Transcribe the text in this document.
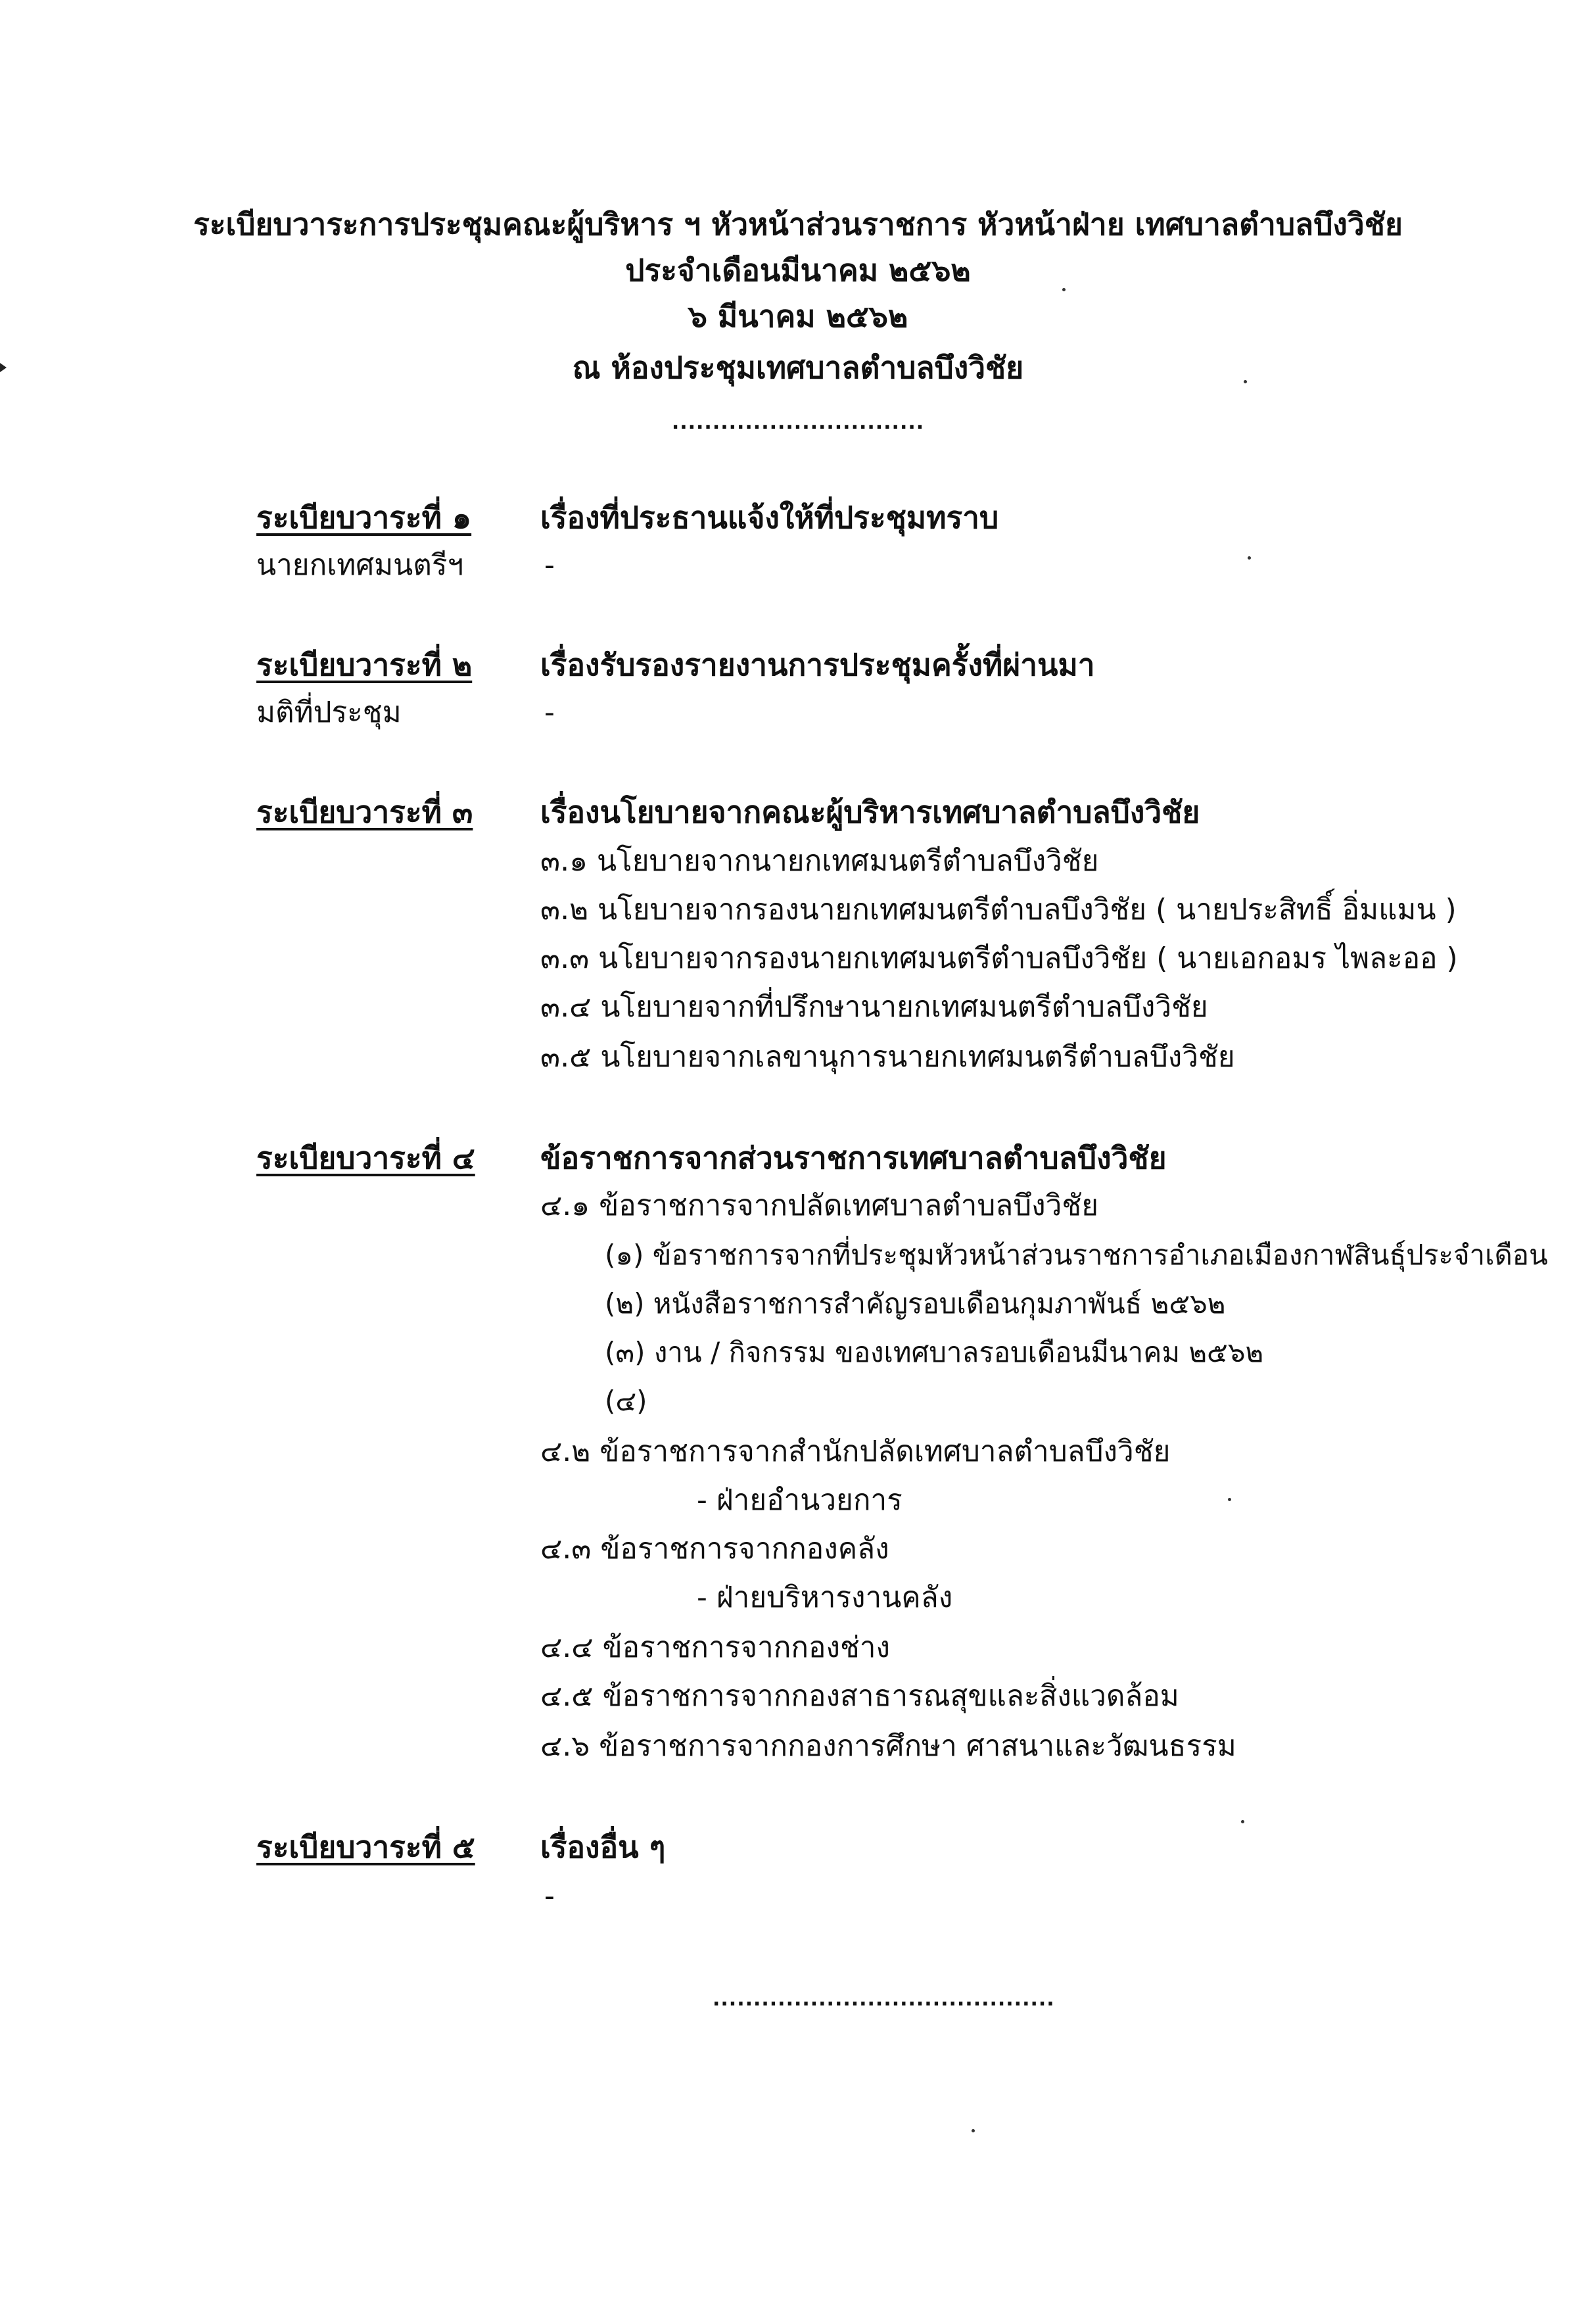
ระเบียบวาระการประชุมคณะผู้บริหาร ฯ หัวหน้าส่วนราชการ หัวหน้าฝ่าย เทศบาลตำบลบึงวิชัย
ประจำเดือนมีนาคม ๒๕๖๒
๖ มีนาคม ๒๕๖๒
ณ ห้องประชุมเทศบาลตำบลบึงวิชัย
...............................
ระเบียบวาระที่ ๑ เรื่องที่ประธานแจ้งให้ที่ประชุมทราบ
นายกเทศมนตรีฯ	-
ระเบียบวาระที่ ๒ เรื่องรับรองรายงานการประชุมครั้งที่ผ่านมา
มติที่ประชุม	-
ระเบียบวาระที่ ๓ เรื่องนโยบายจากคณะผู้บริหารเทศบาลตำบลบึงวิชัย
๓.๑ นโยบายจากนายกเทศมนตรีตำบลบึงวิชัย
๓.๒ นโยบายจากรองนายกเทศมนตรีตำบลบึงวิชัย ( นายประสิทธิ์ อิ่มแมน )
๓.๓ นโยบายจากรองนายกเทศมนตรีตำบลบึงวิชัย ( นายเอกอมร ไพละออ )
๓.๔ นโยบายจากที่ปรึกษานายกเทศมนตรีตำบลบึงวิชัย
๓.๕ นโยบายจากเลขานุการนายกเทศมนตรีตำบลบึงวิชัย
ระเบียบวาระที่ ๔ ข้อราชการจากส่วนราชการเทศบาลตำบลบึงวิชัย
๔.๑ ข้อราชการจากปลัดเทศบาลตำบลบึงวิชัย
(๑) ข้อราชการจากที่ประชุมหัวหน้าส่วนราชการอำเภอเมืองกาฬสินธุ์ประจำเดือน
(๒) หนังสือราชการสำคัญรอบเดือนกุมภาพันธ์ ๒๕๖๒
(๓) งาน / กิจกรรม ของเทศบาลรอบเดือนมีนาคม ๒๕๖๒
(๔)
๔.๒ ข้อราชการจากสำนักปลัดเทศบาลตำบลบึงวิชัย
- ฝ่ายอำนวยการ
๔.๓ ข้อราชการจากกองคลัง
- ฝ่ายบริหารงานคลัง
๔.๔ ข้อราชการจากกองช่าง
๔.๕ ข้อราชการจากกองสาธารณสุขและสิ่งแวดล้อม
๔.๖ ข้อราชการจากกองการศึกษา ศาสนาและวัฒนธรรม
ระเบียบวาระที่ ๕ เรื่องอื่น ๆ
-
..........................................
